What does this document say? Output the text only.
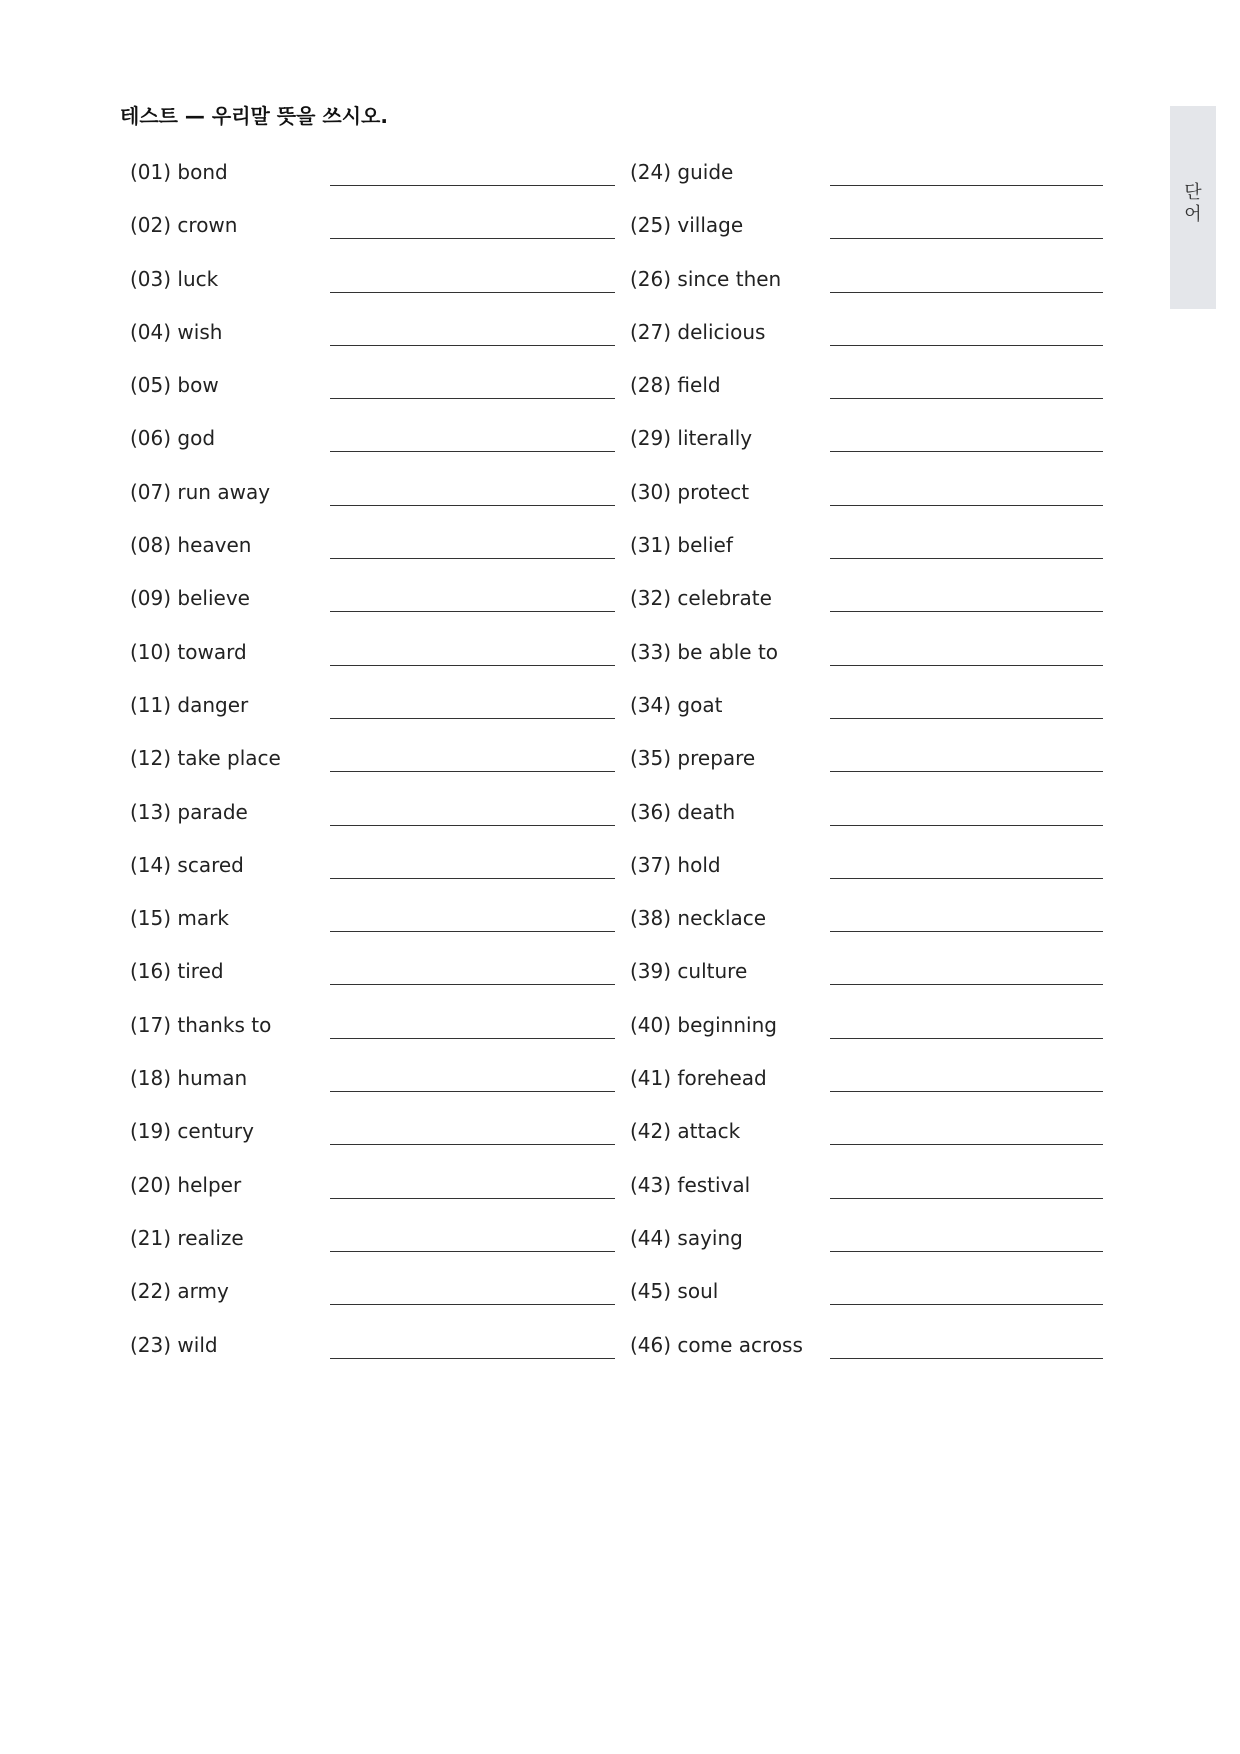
테스트 — 우리말 뜻을 쓰시오.
단
어
(01) bond
(02) crown
(03) luck
(04) wish
(05) bow
(06) god
(07) run away
(08) heaven
(09) believe
(10) toward
(11) danger
(12) take place
(13) parade
(14) scared
(15) mark
(16) tired
(17) thanks to
(18) human
(19) century
(20) helper
(21) realize
(22) army
(23) wild
(24) guide
(25) village
(26) since then
(27) delicious
(28) field
(29) literally
(30) protect
(31) belief
(32) celebrate
(33) be able to
(34) goat
(35) prepare
(36) death
(37) hold
(38) necklace
(39) culture
(40) beginning
(41) forehead
(42) attack
(43) festival
(44) saying
(45) soul
(46) come across
